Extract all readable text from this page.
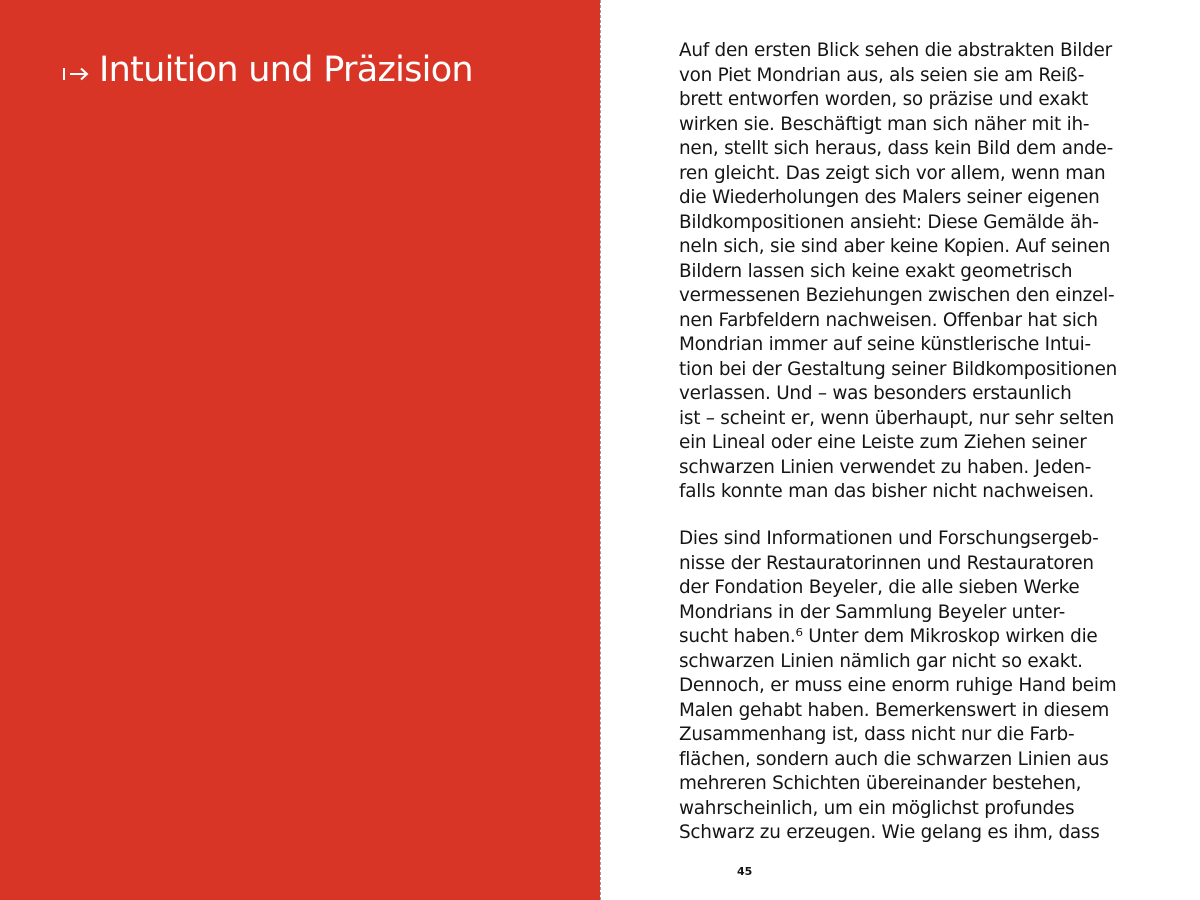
Intuition und Präzision	Auf den ersten Blick sehen die abstrakten Bilder
von Piet Mondrian aus, als seien sie am Reiß-
brett entworfen worden, so präzise und exakt
wirken sie. Beschäftigt man sich näher mit ih-
nen, stellt sich heraus, dass kein Bild dem ande-
ren gleicht. Das zeigt sich vor allem, wenn man
die Wiederholungen des Malers seiner eigenen
Bildkompositionen ansieht: Diese Gemälde äh-
neln sich, sie sind aber keine Kopien. Auf seinen
Bildern lassen sich keine exakt geometrisch
vermessenen Beziehungen zwischen den einzel-
nen Farbfeldern nachweisen. Offenbar hat sich
Mondrian immer auf seine künstlerische Intui-
tion bei der Gestaltung seiner Bildkompositionen
verlassen. Und – was besonders erstaunlich
ist – scheint er, wenn überhaupt, nur sehr selten
ein Lineal oder eine Leiste zum Ziehen seiner
schwarzen Linien verwendet zu haben. Jeden-
falls konnte man das bisher nicht nachweisen.
Dies sind Informationen und Forschungsergeb-
nisse der Restauratorinnen und Restauratoren
der Fondation Beyeler, die alle sieben Werke
Mondrians in der Sammlung Beyeler unter-
sucht haben.⁶ Unter dem Mikroskop wirken die
schwarzen Linien nämlich gar nicht so exakt.
Dennoch, er muss eine enorm ruhige Hand beim
Malen gehabt haben. Bemerkenswert in diesem
Zusammenhang ist, dass nicht nur die Farb-
flächen, sondern auch die schwarzen Linien aus
mehreren Schichten übereinander bestehen,
wahrscheinlich, um ein möglichst profundes
Schwarz zu erzeugen. Wie gelang es ihm, dass
45
